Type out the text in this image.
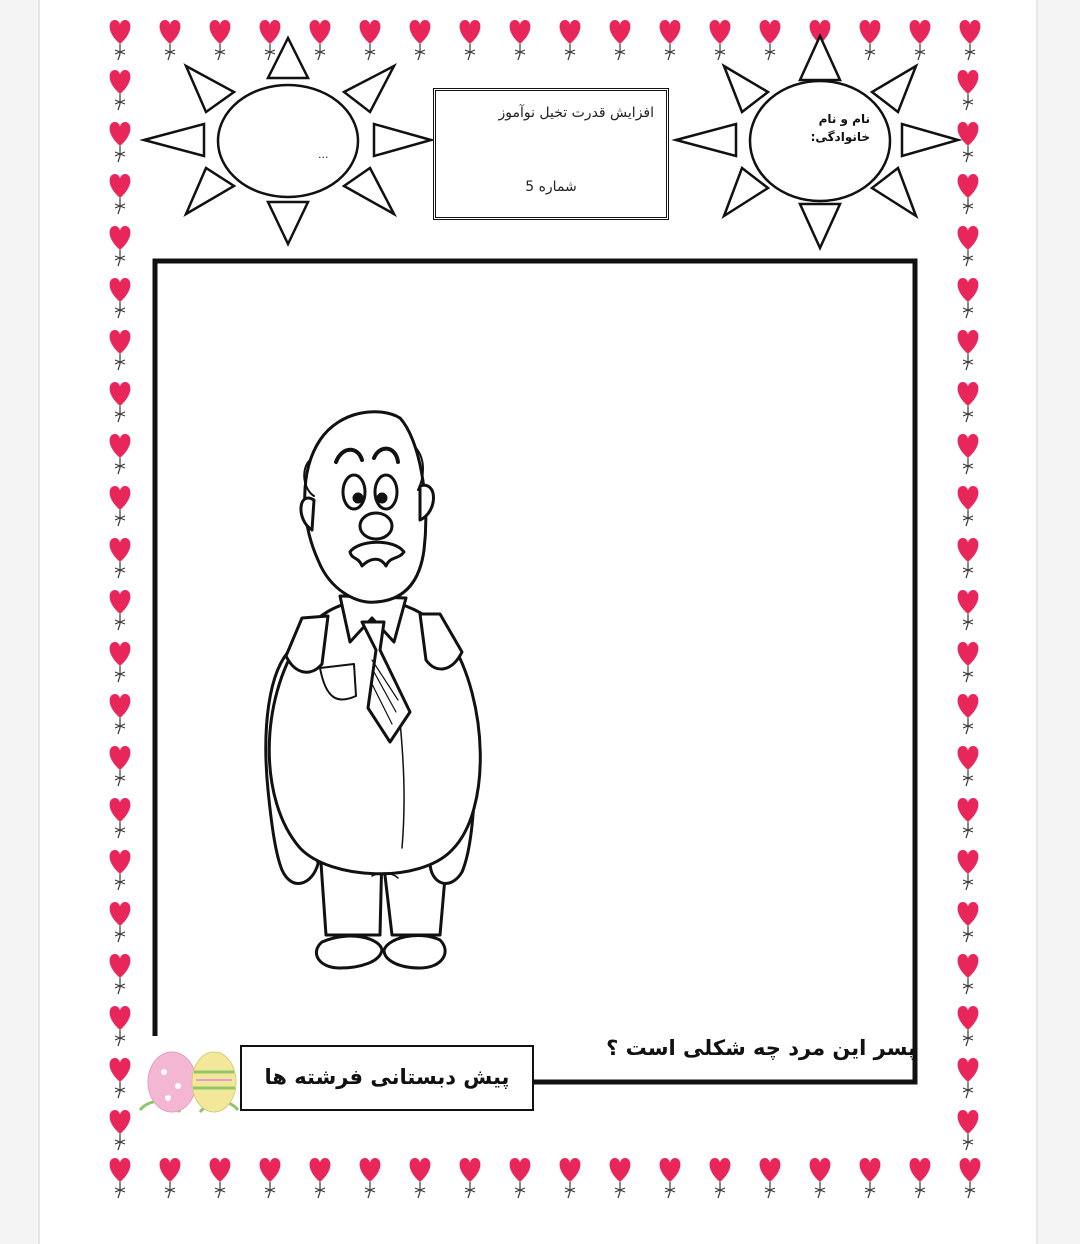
افزایش قدرت تخیل نوآموز
شماره 5
نام و نام
خانوادگی:
...
پسر این مرد چه شکلی است ؟
پیش دبستانی فرشته ها
